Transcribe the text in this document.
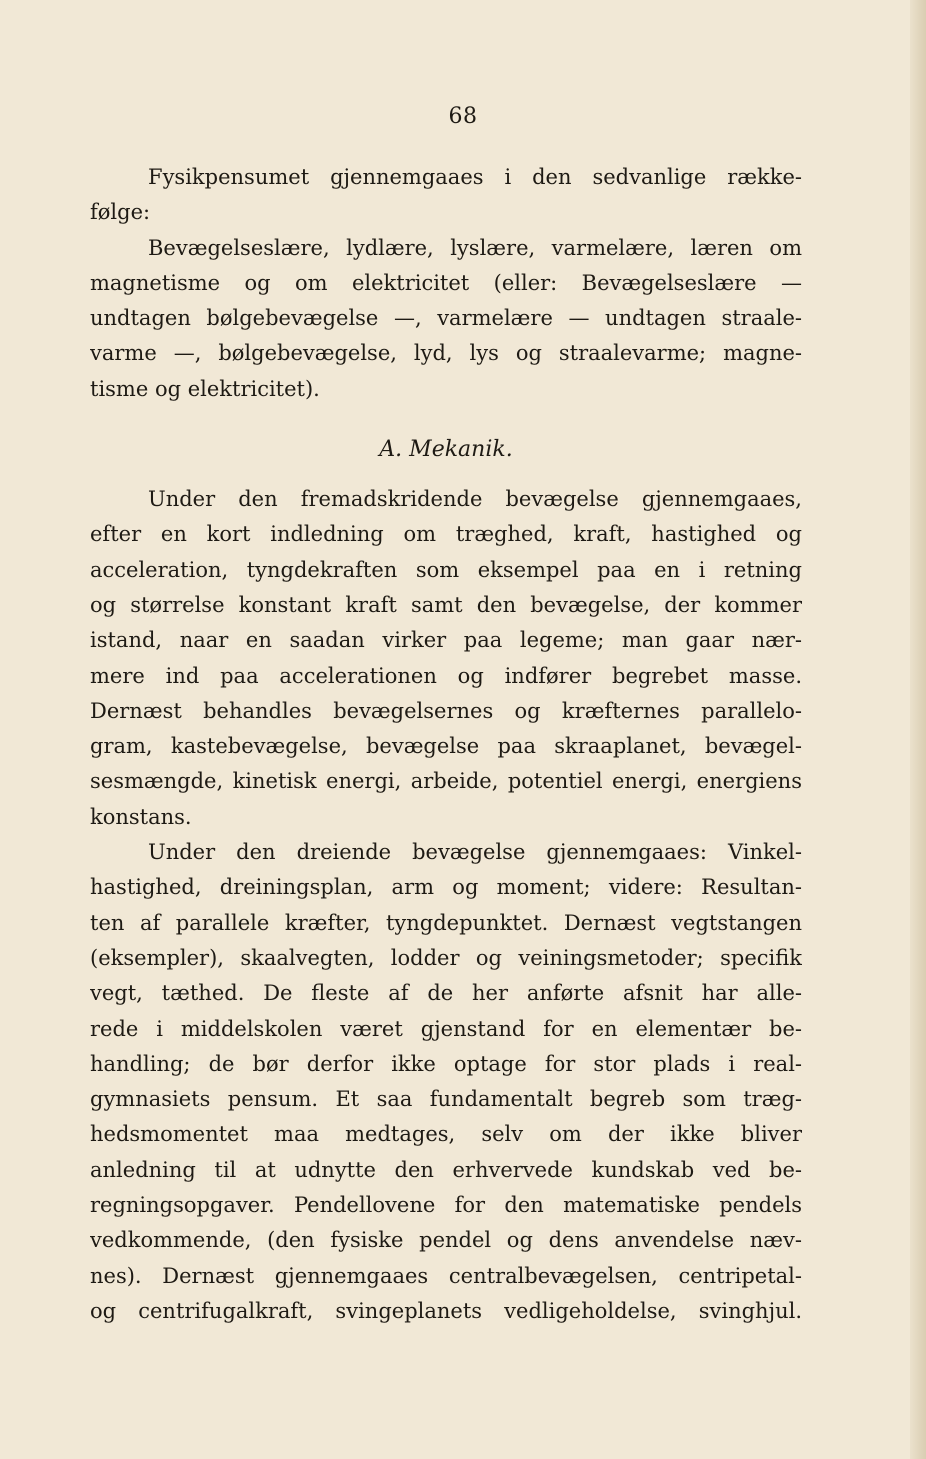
68
Fysikpensumet gjennemgaaes i den sedvanlige række-
følge:
Bevægelseslære, lydlære, lyslære, varmelære, læren om
magnetisme og om elektricitet (eller: Bevægelseslære —
undtagen bølgebevægelse —, varmelære — undtagen straale-
varme —, bølgebevægelse, lyd, lys og straalevarme; magne-
tisme og elektricitet).
A. Mekanik.
Under den fremadskridende bevægelse gjennemgaaes,
efter en kort indledning om træghed, kraft, hastighed og
acceleration, tyngdekraften som eksempel paa en i retning
og størrelse konstant kraft samt den bevægelse, der kommer
istand, naar en saadan virker paa legeme; man gaar nær-
mere ind paa accelerationen og indfører begrebet masse.
Dernæst behandles bevægelsernes og kræfternes parallelo-
gram, kastebevægelse, bevægelse paa skraaplanet, bevægel-
sesmængde, kinetisk energi, arbeide, potentiel energi, energiens
konstans.
Under den dreiende bevægelse gjennemgaaes: Vinkel-
hastighed, dreiningsplan, arm og moment; videre: Resultan-
ten af parallele kræfter, tyngdepunktet. Dernæst vegtstangen
(eksempler), skaalvegten, lodder og veiningsmetoder; specifik
vegt, tæthed. De fleste af de her anførte afsnit har alle-
rede i middelskolen været gjenstand for en elementær be-
handling; de bør derfor ikke optage for stor plads i real-
gymnasiets pensum. Et saa fundamentalt begreb som træg-
hedsmomentet maa medtages, selv om der ikke bliver
anledning til at udnytte den erhvervede kundskab ved be-
regningsopgaver. Pendellovene for den matematiske pendels
vedkommende, (den fysiske pendel og dens anvendelse næv-
nes). Dernæst gjennemgaaes centralbevægelsen, centripetal-
og centrifugalkraft, svingeplanets vedligeholdelse, svinghjul.
